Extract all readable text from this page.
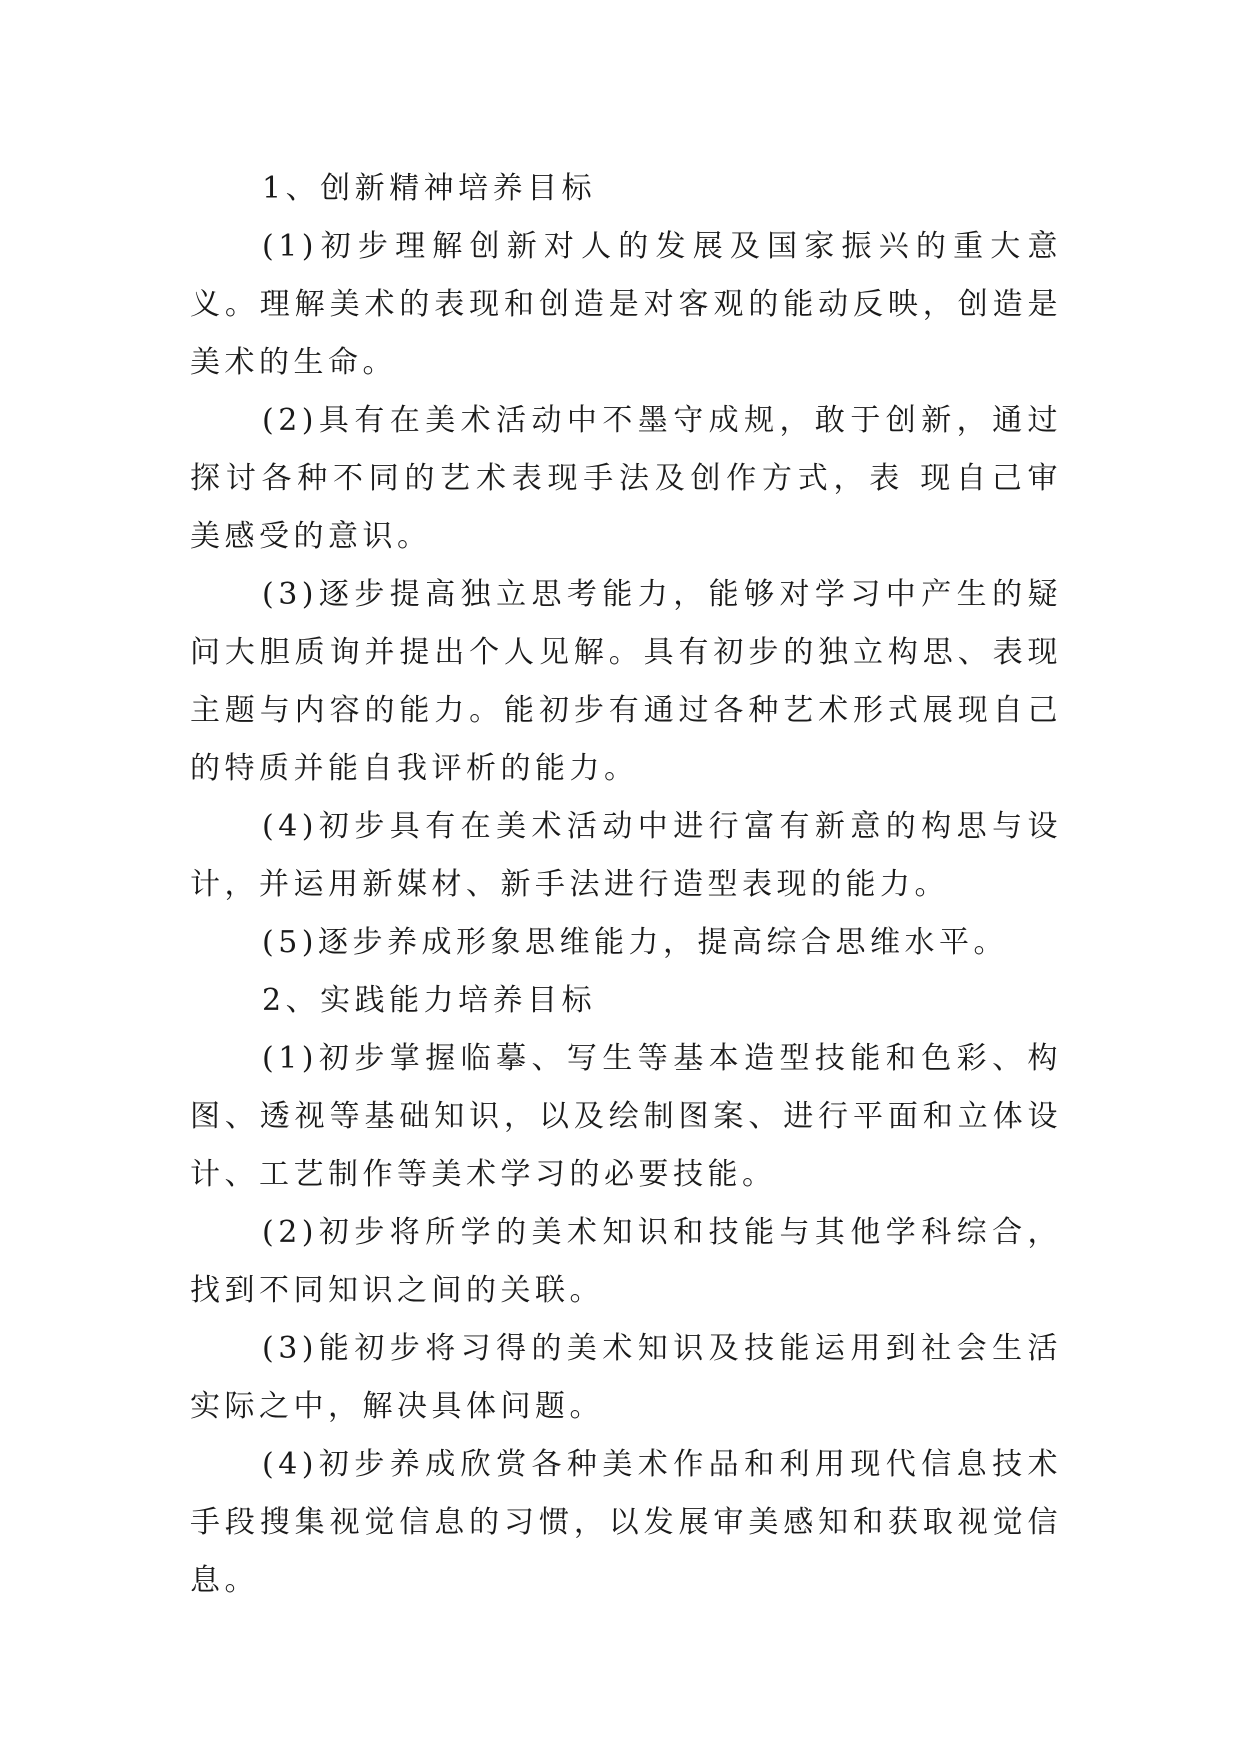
1、创新精神培养目标

(1)初步理解创新对人的发展及国家振兴的重大意义。理解美术的表现和创造是对客观的能动反映，创造是美术的生命。

(2)具有在美术活动中不墨守成规，敢于创新，通过探讨各种不同的艺术表现手法及创作方式，表 现自己审美感受的意识。

(3)逐步提高独立思考能力，能够对学习中产生的疑问大胆质询并提出个人见解。具有初步的独立构思、表现主题与内容的能力。能初步有通过各种艺术形式展现自己的特质并能自我评析的能力。

(4)初步具有在美术活动中进行富有新意的构思与设计，并运用新媒材、新手法进行造型表现的能力。

(5)逐步养成形象思维能力，提高综合思维水平。

2、实践能力培养目标

(1)初步掌握临摹、写生等基本造型技能和色彩、构图、透视等基础知识，以及绘制图案、进行平面和立体设计、工艺制作等美术学习的必要技能。

(2)初步将所学的美术知识和技能与其他学科综合，找到不同知识之间的关联。

(3)能初步将习得的美术知识及技能运用到社会生活实际之中，解决具体问题。

(4)初步养成欣赏各种美术作品和利用现代信息技术手段搜集视觉信息的习惯，以发展审美感知和获取视觉信息。
